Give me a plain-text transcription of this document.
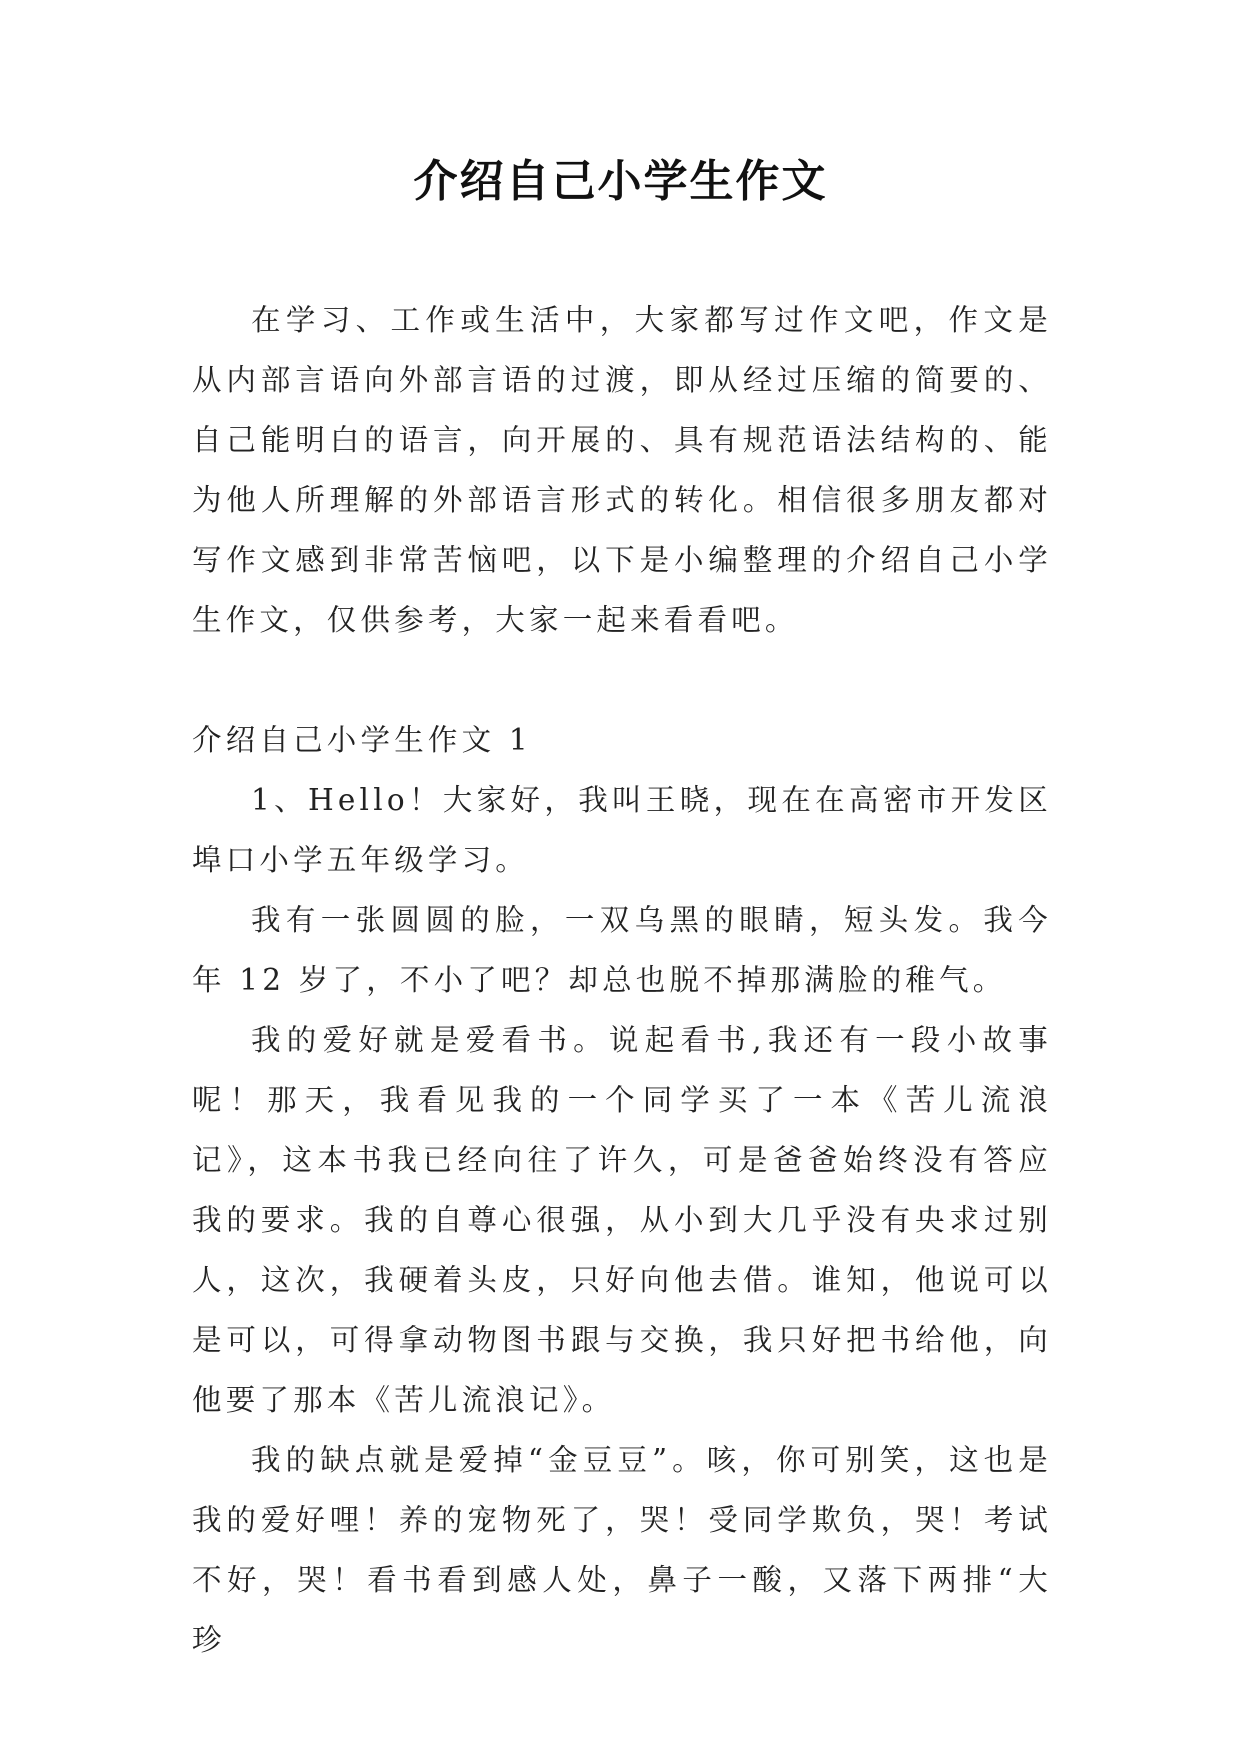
介绍自己小学生作文

在学习、工作或生活中，大家都写过作文吧，作文是从内部言语向外部言语的过渡，即从经过压缩的简要的、自己能明白的语言，向开展的、具有规范语法结构的、能为他人所理解的外部语言形式的转化。相信很多朋友都对写作文感到非常苦恼吧，以下是小编整理的介绍自己小学生作文，仅供参考，大家一起来看看吧。

介绍自己小学生作文 1

1、Hello！大家好，我叫王晓，现在在高密市开发区埠口小学五年级学习。

我有一张圆圆的脸，一双乌黑的眼睛，短头发。我今年 12 岁了，不小了吧？却总也脱不掉那满脸的稚气。

我的爱好就是爱看书。说起看书,我还有一段小故事呢！那天，我看见我的一个同学买了一本《苦儿流浪记》，这本书我已经向往了许久，可是爸爸始终没有答应我的要求。我的自尊心很强，从小到大几乎没有央求过别人，这次，我硬着头皮，只好向他去借。谁知，他说可以是可以，可得拿动物图书跟与交换，我只好把书给他，向他要了那本《苦儿流浪记》。

我的缺点就是爱掉“金豆豆”。咳，你可别笑，这也是我的爱好哩！养的宠物死了，哭！受同学欺负，哭！考试不好，哭！看书看到感人处，鼻子一酸，又落下两排“大珍
